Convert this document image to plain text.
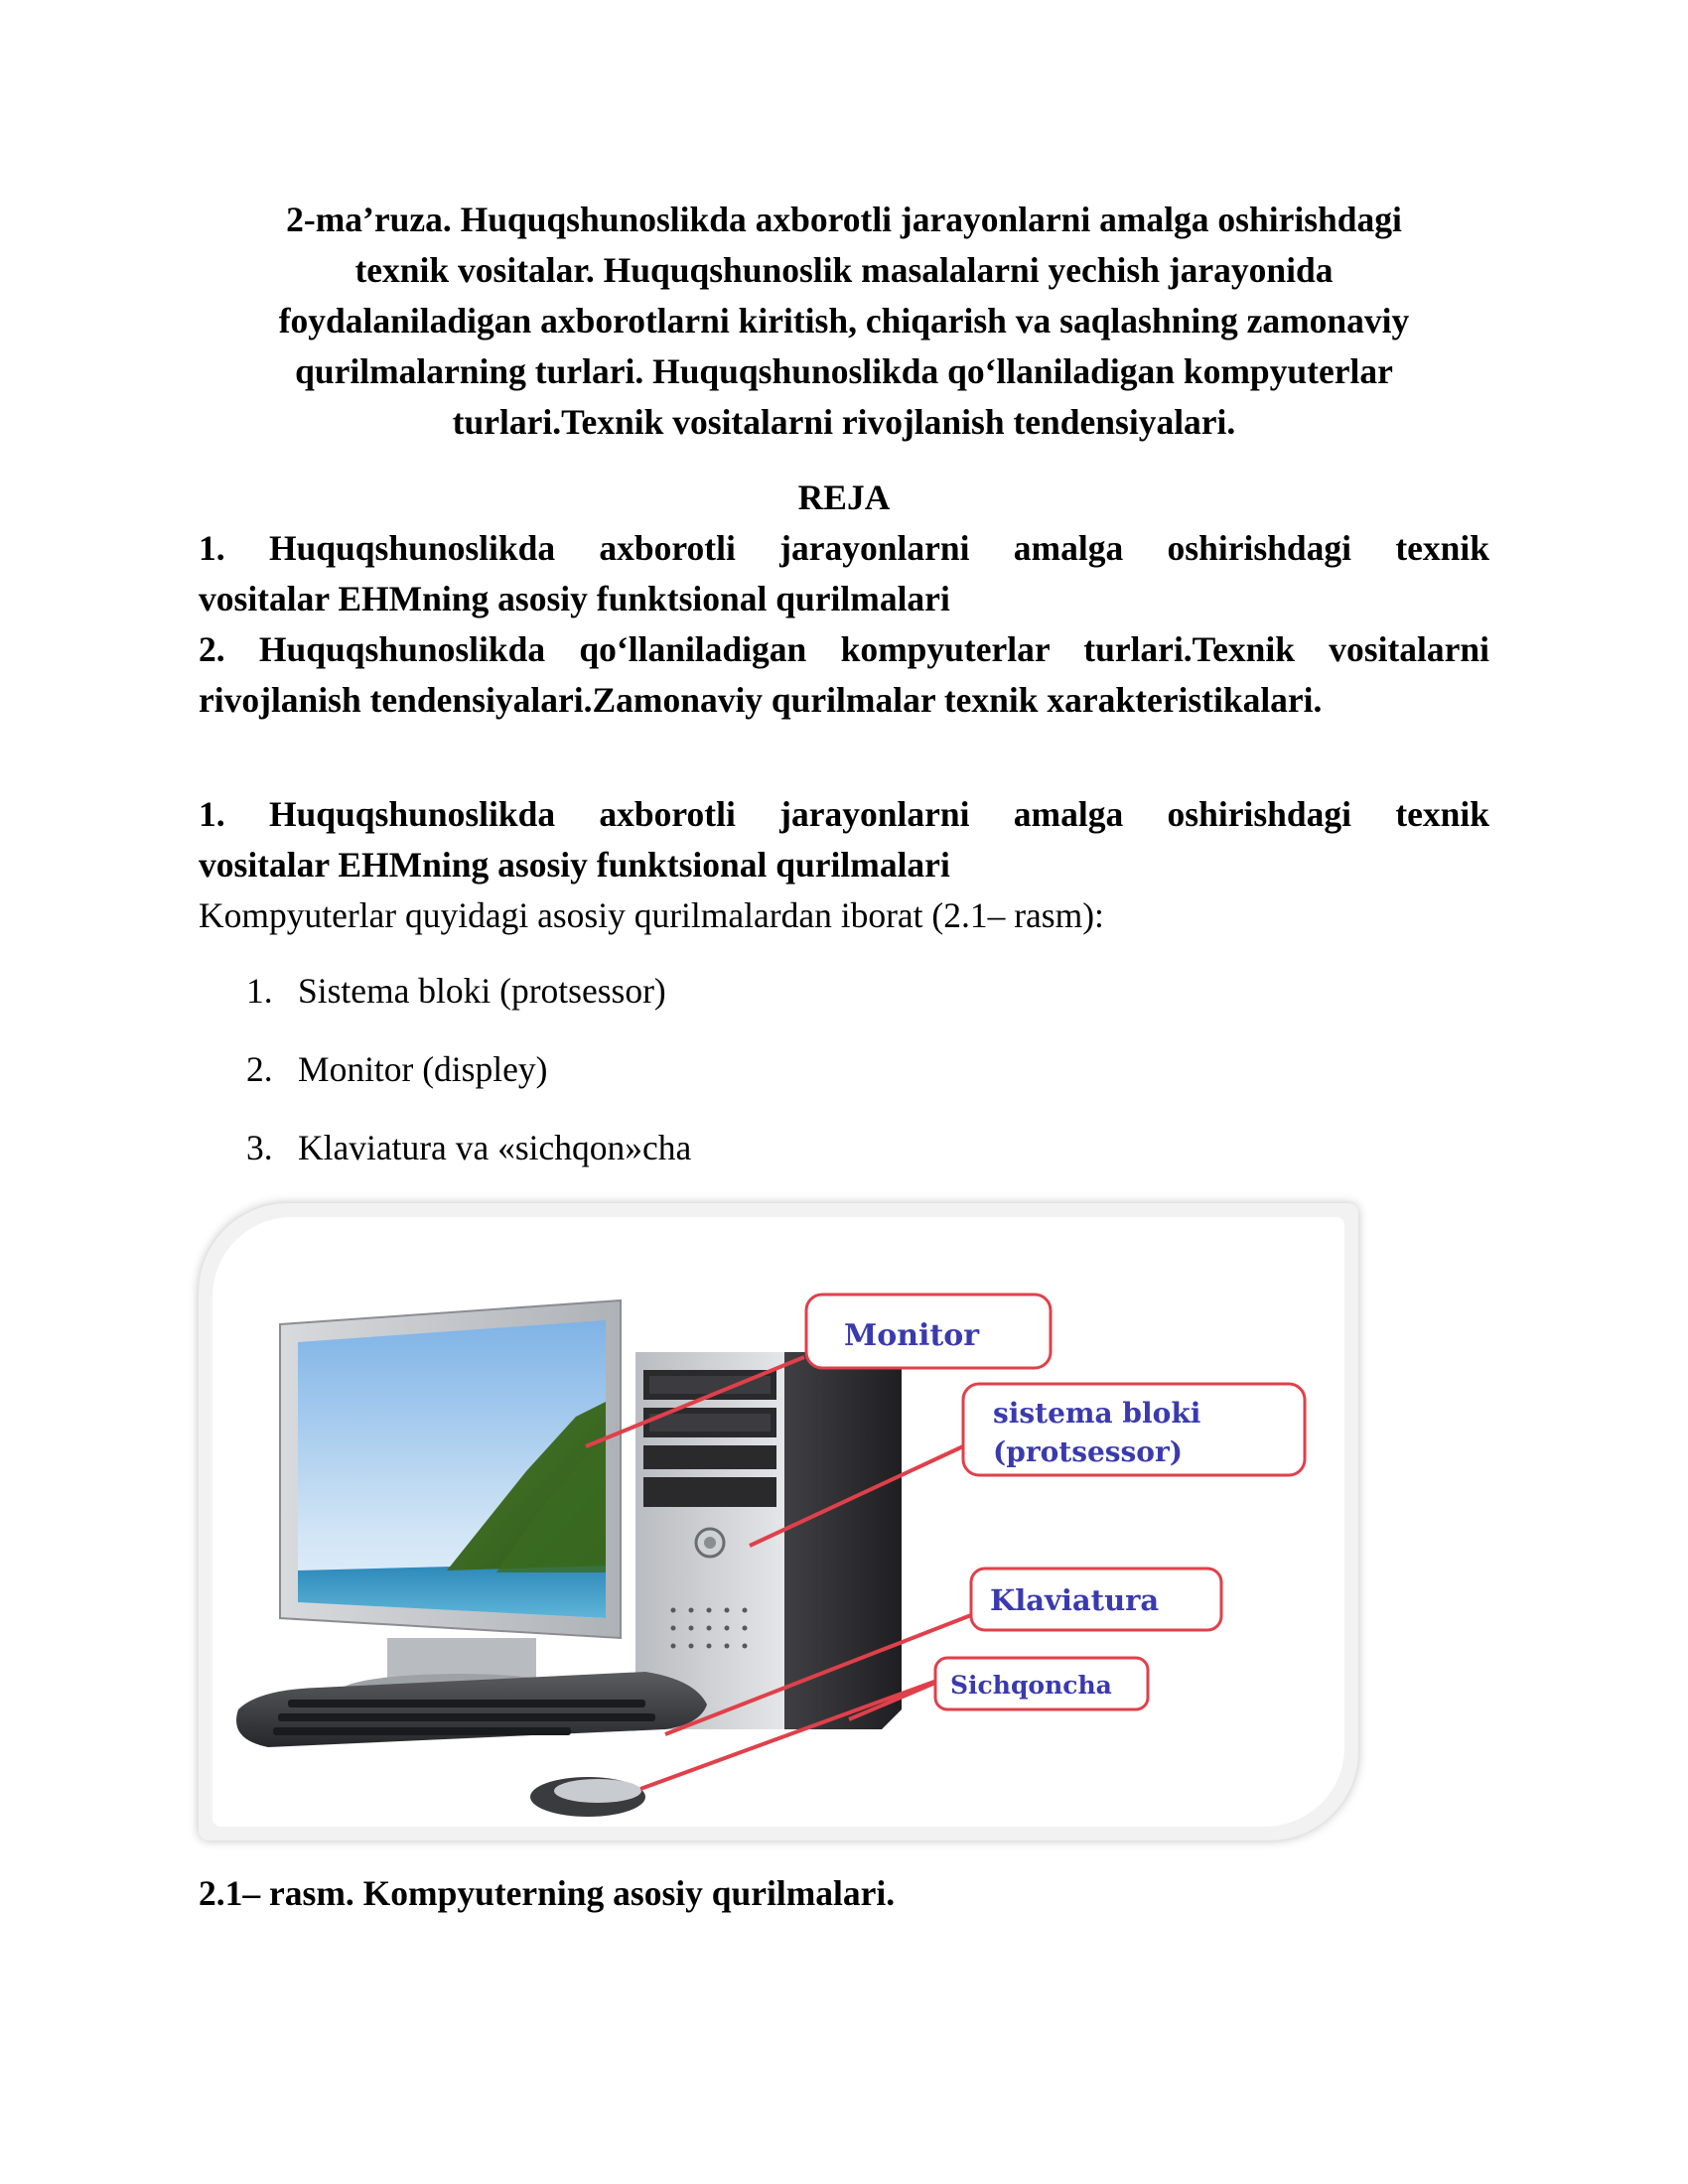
2-ma’ruza. Huquqshunoslikda axborotli jarayonlarni amalga oshirishdagi
texnik vositalar. Huquqshunoslik masalalarni yechish jarayonida
foydalaniladigan axborotlarni kiritish, chiqarish va saqlashning zamonaviy
qurilmalarning turlari. Huquqshunoslikda qo‘llaniladigan kompyuterlar
turlari.Texnik vositalarni rivojlanish tendensiyalari.
REJA
1. Huquqshunoslikda axborotli jarayonlarni amalga oshirishdagi texnik
vositalar EHMning asosiy funktsional qurilmalari
2. Huquqshunoslikda qo‘llaniladigan kompyuterlar turlari.Texnik vositalarni
rivojlanish tendensiyalari.Zamonaviy qurilmalar texnik xarakteristikalari.
1. Huquqshunoslikda axborotli jarayonlarni amalga oshirishdagi texnik
vositalar EHMning asosiy funktsional qurilmalari
Kompyuterlar quyidagi asosiy qurilmalardan iborat (2.1– rasm):
1. Sistema bloki (protsessor)
2. Monitor (displey)
3. Klaviatura va «sichqon»cha
Monitor
sistema bloki
(protsessor)
Klaviatura
Sichqoncha
2.1– rasm. Kompyuterning asosiy qurilmalari.
